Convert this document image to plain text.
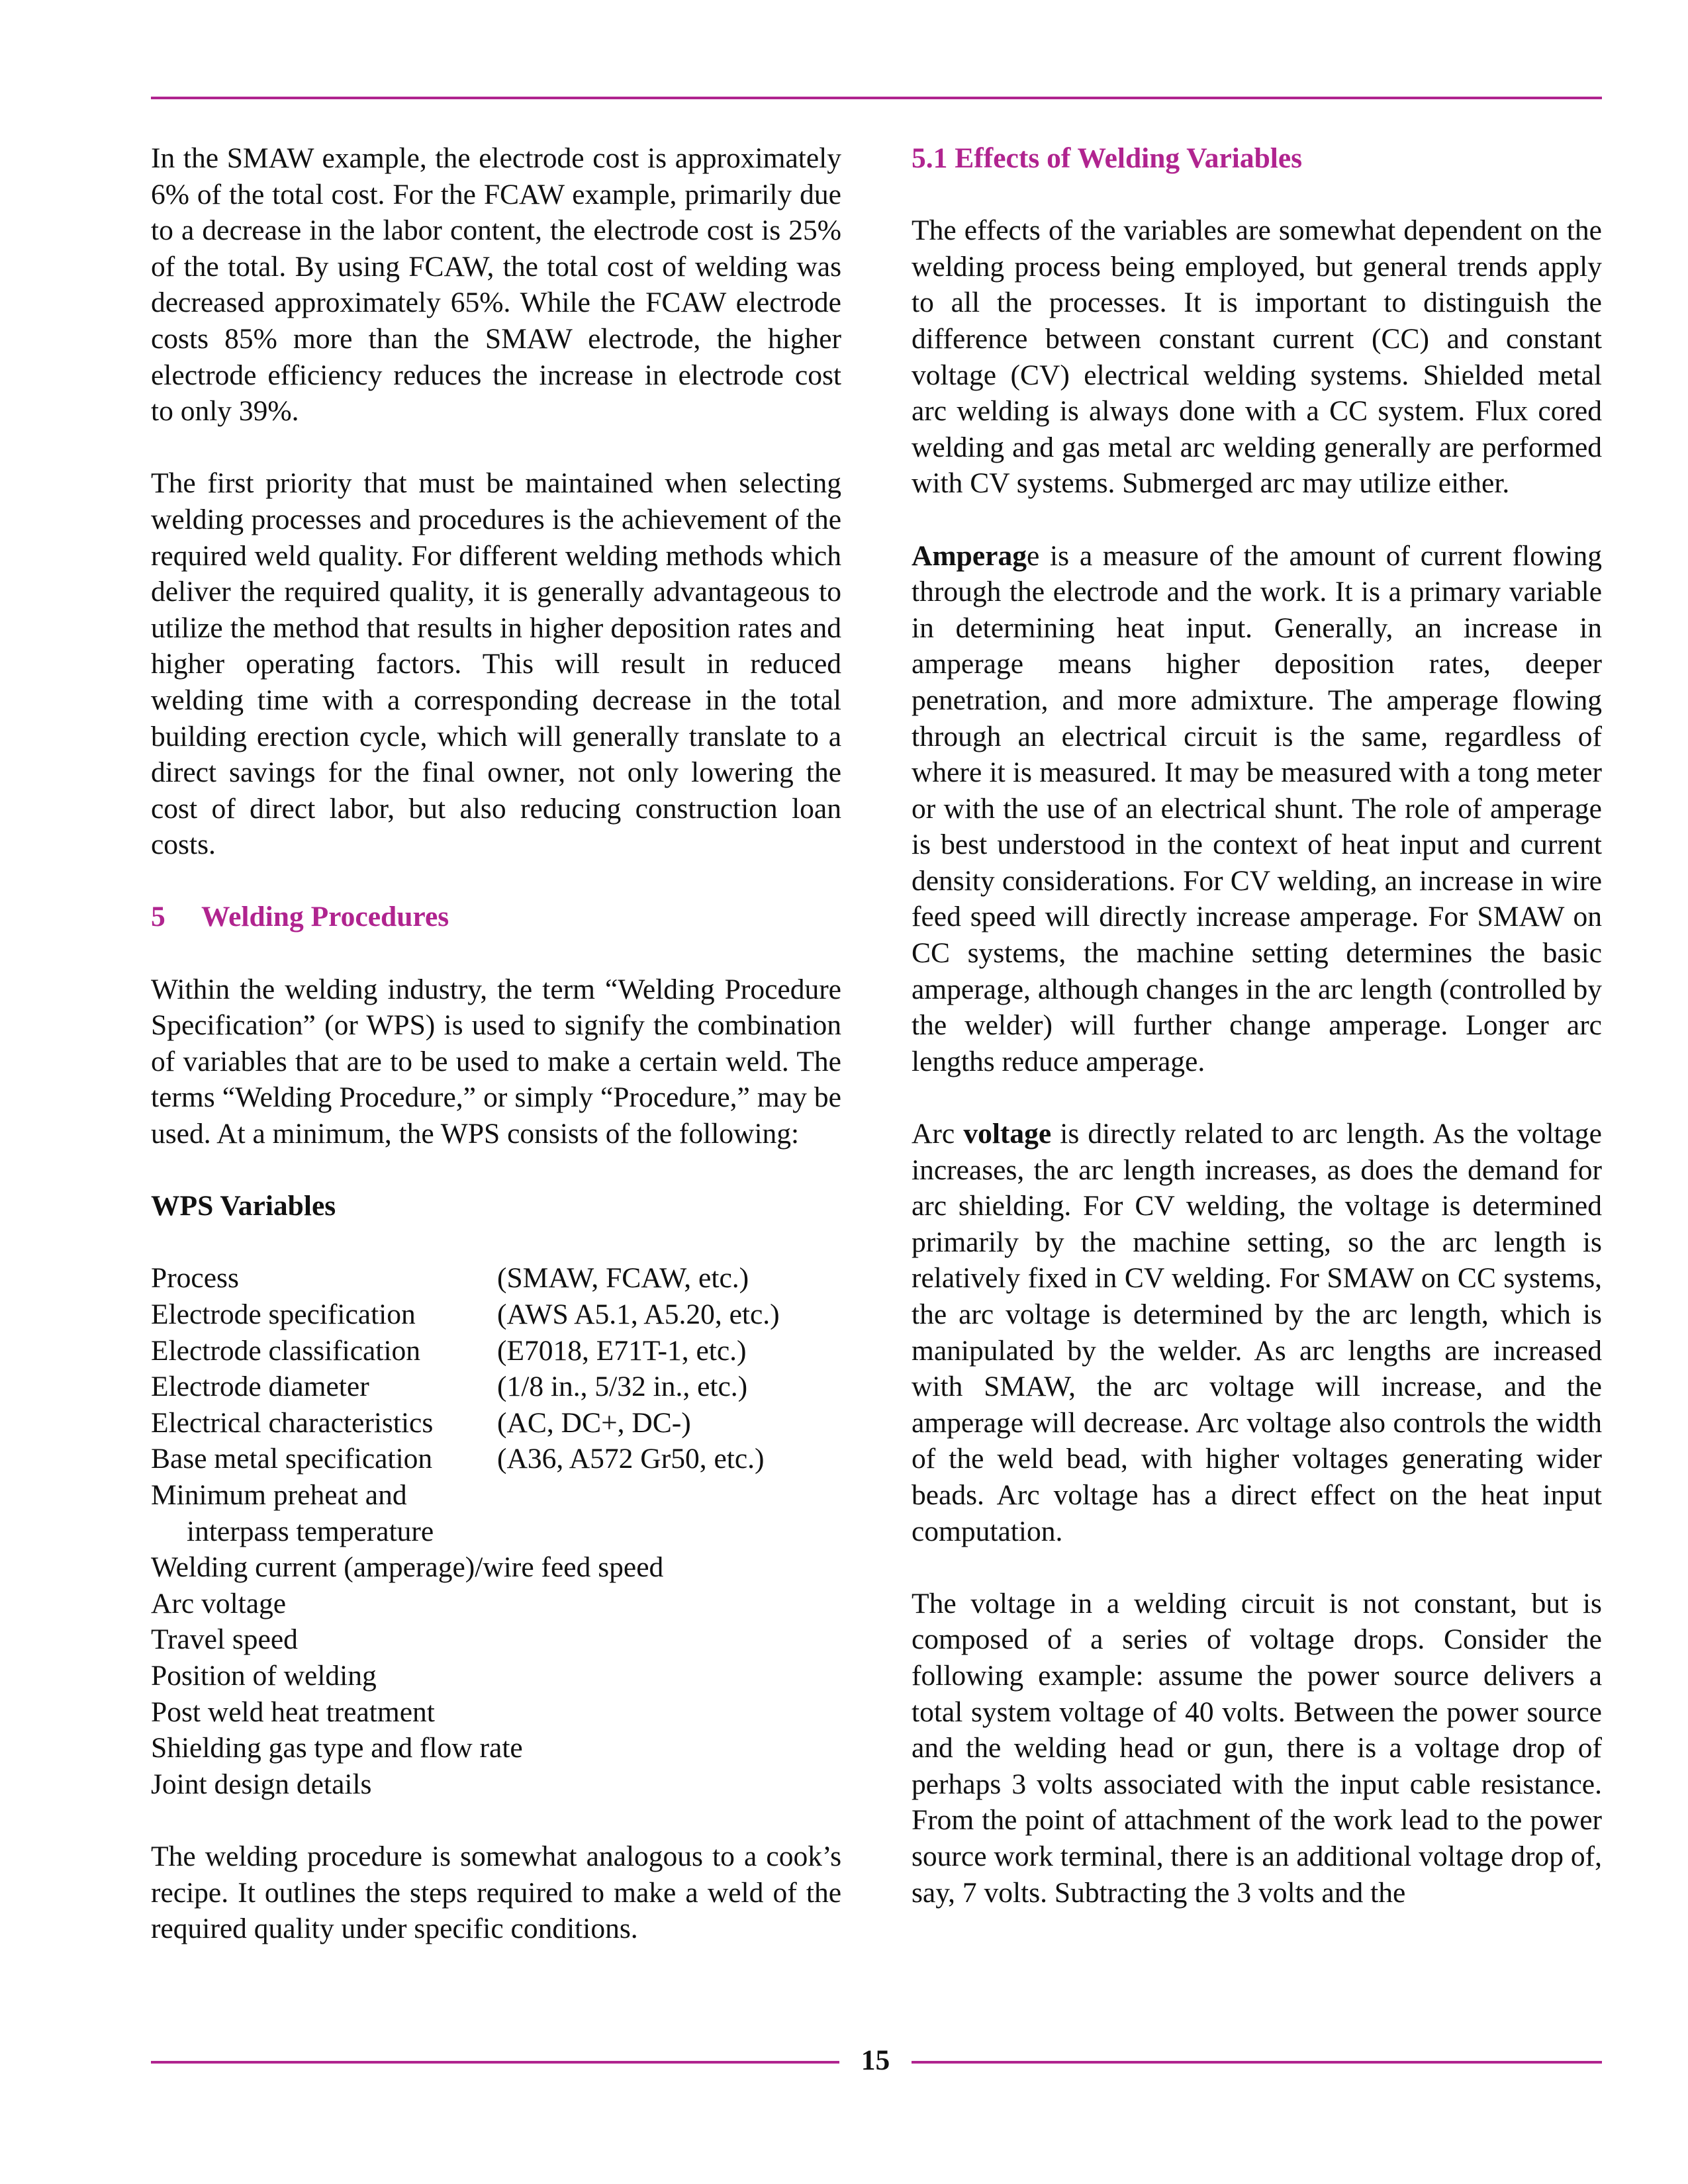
In the SMAW example, the electrode cost is approximately 6% of the total cost. For the FCAW example, primarily due to a decrease in the labor content, the electrode cost is 25% of the total. By using FCAW, the total cost of welding was decreased approximately 65%. While the FCAW electrode costs 85% more than the SMAW electrode, the higher electrode efficiency reduces the increase in electrode cost to only 39%.

The first priority that must be maintained when selecting welding processes and procedures is the achievement of the required weld quality. For different welding methods which deliver the required quality, it is generally advantageous to utilize the method that results in higher deposition rates and higher operating factors. This will result in reduced welding time with a corresponding decrease in the total building erection cycle, which will generally translate to a direct savings for the final owner, not only lowering the cost of direct labor, but also reducing construction loan costs.

5 Welding Procedures

Within the welding industry, the term “Welding Procedure Specification” (or WPS) is used to signify the combination of variables that are to be used to make a certain weld. The terms “Welding Procedure,” or simply “Procedure,” may be used. At a minimum, the WPS consists of the following:

WPS Variables
Process	(SMAW, FCAW, etc.)
Electrode specification	(AWS A5.1, A5.20, etc.)
Electrode classification	(E7018, E71T-1, etc.)
Electrode diameter	(1/8 in., 5/32 in., etc.)
Electrical characteristics	(AC, DC+, DC-)
Base metal specification	(A36, A572 Gr50, etc.)
Minimum preheat and
interpass temperature
Welding current (amperage)/wire feed speed
Arc voltage
Travel speed
Position of welding
Post weld heat treatment
Shielding gas type and flow rate
Joint design details

The welding procedure is somewhat analogous to a cook’s recipe. It outlines the steps required to make a weld of the required quality under specific conditions.

5.1 Effects of Welding Variables

The effects of the variables are somewhat dependent on the welding process being employed, but general trends apply to all the processes. It is important to distinguish the difference between constant current (CC) and constant voltage (CV) electrical welding systems. Shielded metal arc welding is always done with a CC system. Flux cored welding and gas metal arc welding generally are performed with CV systems. Submerged arc may utilize either.

Amperage is a measure of the amount of current flowing through the electrode and the work. It is a primary variable in determining heat input. Generally, an increase in amperage means higher deposition rates, deeper penetration, and more admixture. The amperage flowing through an electrical circuit is the same, regardless of where it is measured. It may be measured with a tong meter or with the use of an electrical shunt. The role of amperage is best understood in the context of heat input and current density considerations. For CV welding, an increase in wire feed speed will directly increase amperage. For SMAW on CC systems, the machine setting determines the basic amperage, although changes in the arc length (controlled by the welder) will further change amperage. Longer arc lengths reduce amperage.

Arc voltage is directly related to arc length. As the voltage increases, the arc length increases, as does the demand for arc shielding. For CV welding, the voltage is determined primarily by the machine setting, so the arc length is relatively fixed in CV welding. For SMAW on CC systems, the arc voltage is determined by the arc length, which is manipulated by the welder. As arc lengths are increased with SMAW, the arc voltage will increase, and the amperage will decrease. Arc voltage also controls the width of the weld bead, with higher voltages generating wider beads. Arc voltage has a direct effect on the heat input computation.

The voltage in a welding circuit is not constant, but is composed of a series of voltage drops. Consider the following example: assume the power source delivers a total system voltage of 40 volts. Between the power source and the welding head or gun, there is a voltage drop of perhaps 3 volts associated with the input cable resistance. From the point of attachment of the work lead to the power source work terminal, there is an additional voltage drop of, say, 7 volts. Subtracting the 3 volts and the

15
